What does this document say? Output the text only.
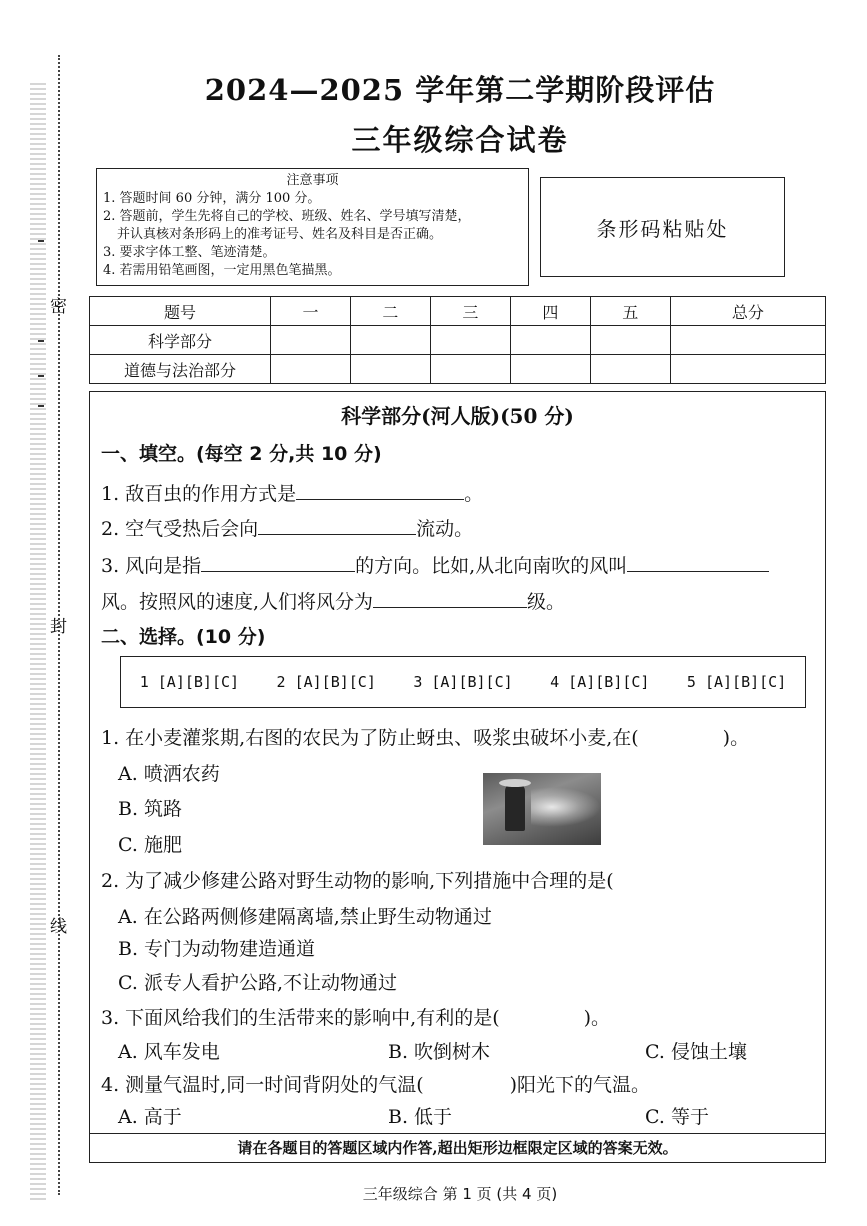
密
封
线
2024—2025 学年第二学期阶段评估
三年级综合试卷
注意事项
1. 答题时间 60 分钟，满分 100 分。
2. 答题前，学生先将自己的学校、班级、姓名、学号填写清楚，
并认真核对条形码上的准考证号、姓名及科目是否正确。
3. 要求字体工整、笔迹清楚。
4. 若需用铅笔画图，一定用黑色笔描黑。
条形码粘贴处
题号	一	二	三	四	五	总分
科学部分						
道德与法治部分						
科学部分(河人版)(50 分)
请在各题目的答题区域内作答,超出矩形边框限定区域的答案无效。
一、填空。(每空 2 分,共 10 分)
1. 敌百虫的作用方式是	。
2. 空气受热后会向	流动。
3. 风向是指	的方向。比如,从北向南吹的风叫
风。按照风的速度,人们将风分为	级。
二、选择。(10 分)
1 [A][B][C] 2 [A][B][C] 3 [A][B][C] 4 [A][B][C] 5 [A][B][C]
1. 在小麦灌浆期,右图的农民为了防止蚜虫、吸浆虫破坏小麦,在(	)。
A. 喷洒农药
B. 筑路
C. 施肥
2. 为了减少修建公路对野生动物的影响,下列措施中合理的是(
A. 在公路两侧修建隔离墙,禁止野生动物通过
B. 专门为动物建造通道
C. 派专人看护公路,不让动物通过
3. 下面风给我们的生活带来的影响中,有利的是(	)。
A. 风车发电	B. 吹倒树木	C. 侵蚀土壤
4. 测量气温时,同一时间背阴处的气温(	)阳光下的气温。
A. 高于	B. 低于	C. 等于
三年级综合 第 1 页 (共 4 页)
